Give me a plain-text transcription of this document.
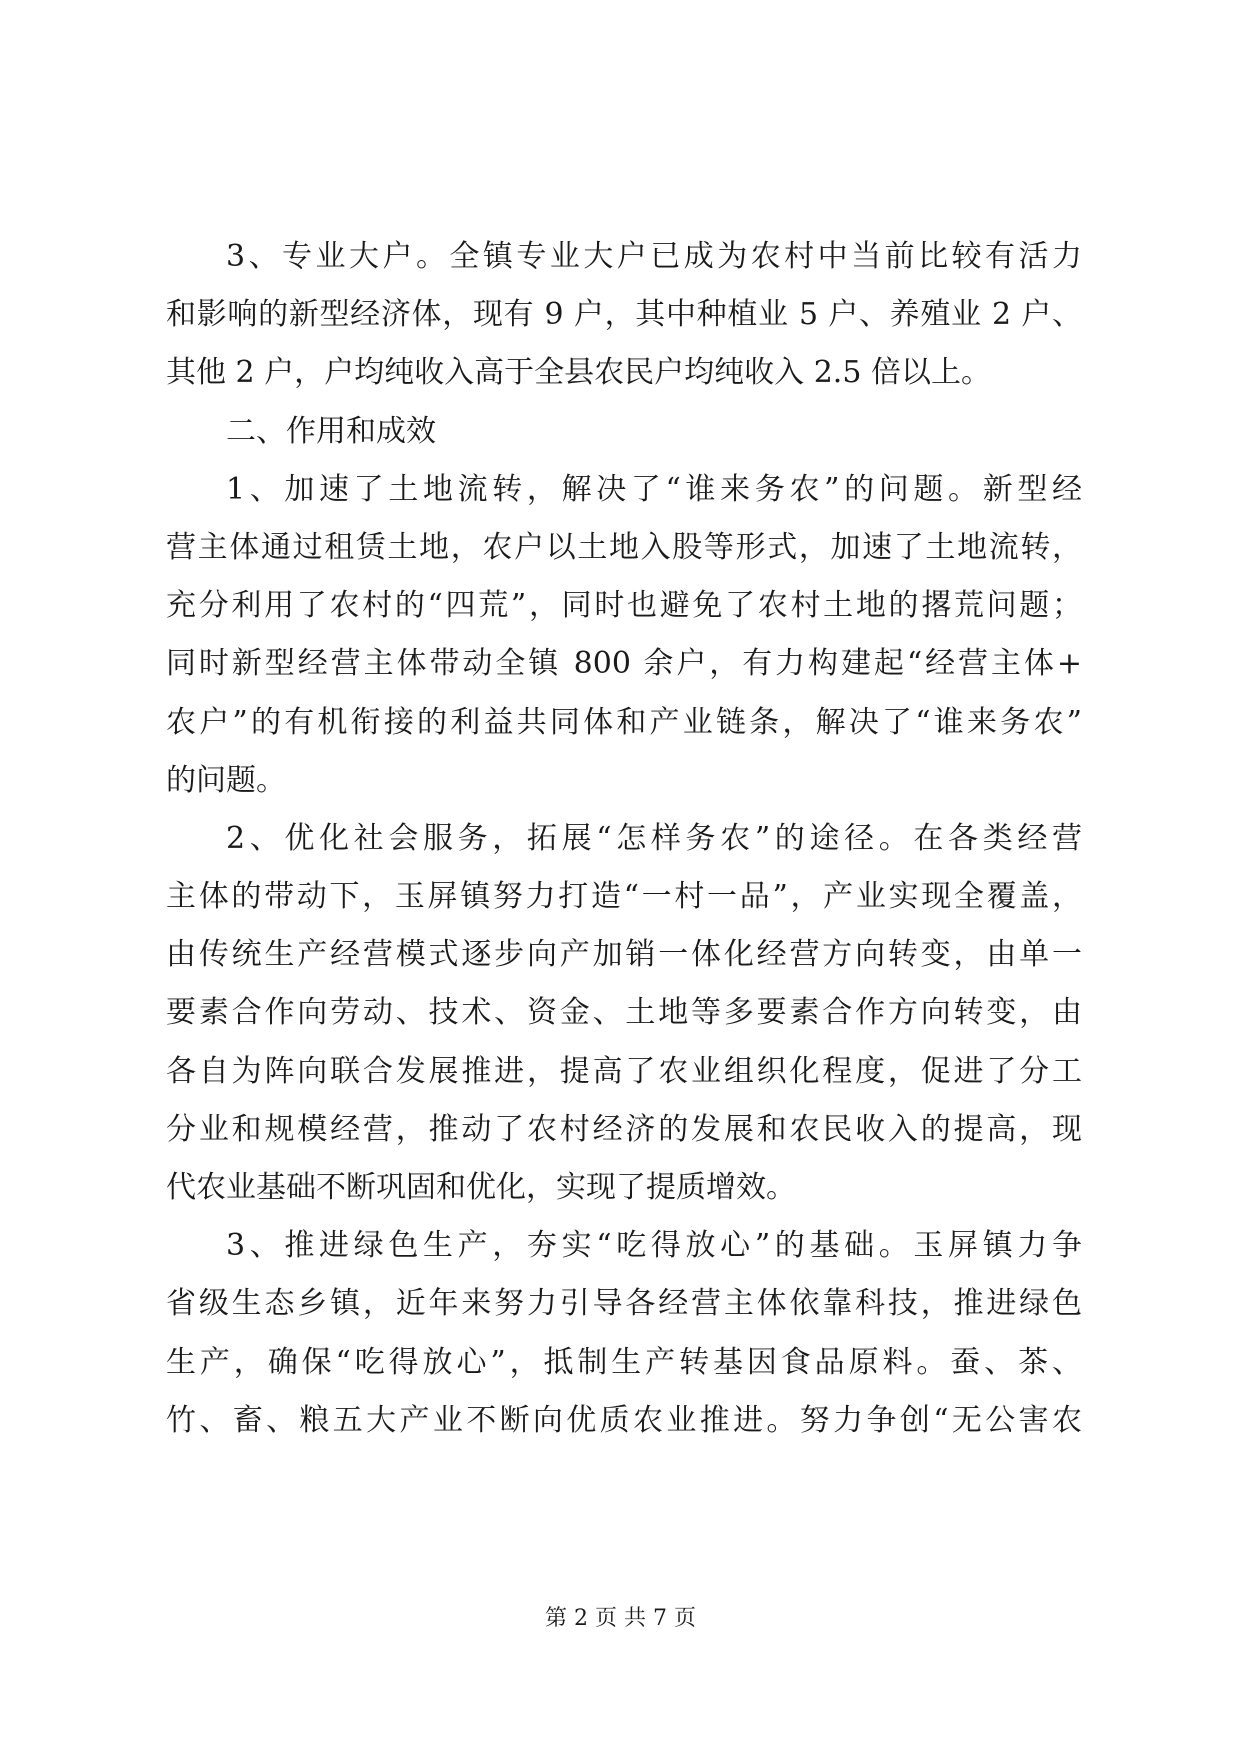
3、专业大户。全镇专业大户已成为农村中当前比较有活力
和影响的新型经济体，现有 9 户，其中种植业 5 户、养殖业 2 户、
其他 2 户，户均纯收入高于全县农民户均纯收入 2.5 倍以上。
二、作用和成效
1、加速了土地流转，解决了“谁来务农”的问题。新型经
营主体通过租赁土地，农户以土地入股等形式，加速了土地流转，
充分利用了农村的“四荒”，同时也避免了农村土地的撂荒问题；
同时新型经营主体带动全镇 800 余户，有力构建起“经营主体+
农户”的有机衔接的利益共同体和产业链条，解决了“谁来务农”
的问题。
2、优化社会服务，拓展“怎样务农”的途径。在各类经营
主体的带动下，玉屏镇努力打造“一村一品”，产业实现全覆盖，
由传统生产经营模式逐步向产加销一体化经营方向转变，由单一
要素合作向劳动、技术、资金、土地等多要素合作方向转变，由
各自为阵向联合发展推进，提高了农业组织化程度，促进了分工
分业和规模经营，推动了农村经济的发展和农民收入的提高，现
代农业基础不断巩固和优化，实现了提质增效。
3、推进绿色生产，夯实“吃得放心”的基础。玉屏镇力争
省级生态乡镇，近年来努力引导各经营主体依靠科技，推进绿色
生产，确保“吃得放心”，抵制生产转基因食品原料。蚕、茶、
竹、畜、粮五大产业不断向优质农业推进。努力争创“无公害农
第 2 页 共 7 页
